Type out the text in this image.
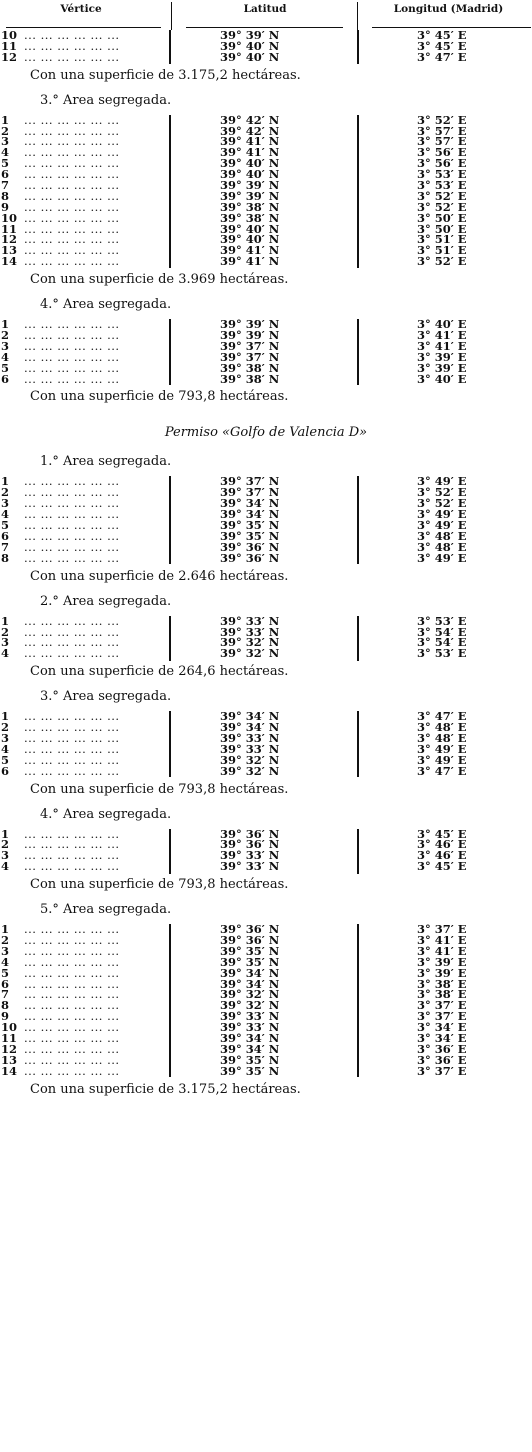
Vértice	Latitud	Longitud (Madrid)
10 ... ... ... ... ... ...	39° 39′ N	3° 45′ E
11 ... ... ... ... ... ...	39° 40′ N	3° 45′ E
12 ... ... ... ... ... ...	39° 40′ N	3° 47′ E
Con una superficie de 3.175,2 hectáreas.
3.° Area segregada.
1	... ... ... ... ... ...	39° 42′ N	3° 52′ E
2	... ... ... ... ... ...	39° 42′ N	3° 57′ E
3	... ... ... ... ... ...	39° 41′ N	3° 57′ E
4	... ... ... ... ... ...	39° 41′ N	3° 56′ E
5	... ... ... ... ... ...	39° 40′ N	3° 56′ E
6	... ... ... ... ... ...	39° 40′ N	3° 53′ E
7	... ... ... ... ... ...	39° 39′ N	3° 53′ E
8	... ... ... ... ... ...	39° 39′ N	3° 52′ E
9	... ... ... ... ... ...	39° 38′ N	3° 52′ E
10 ... ... ... ... ... ...	39° 38′ N	3° 50′ E
11 ... ... ... ... ... ...	39° 40′ N	3° 50′ E
12 ... ... ... ... ... ...	39° 40′ N	3° 51′ E
13 ... ... ... ... ... ...	39° 41′ N	3° 51′ E
14 ... ... ... ... ... ...	39° 41′ N	3° 52′ E
Con una superficie de 3.969 hectáreas.
4.° Area segregada.
1	... ... ... ... ... ...	39° 39′ N	3° 40′ E
2	... ... ... ... ... ...	39° 39′ N	3° 41′ E
3	... ... ... ... ... ...	39° 37′ N	3° 41′ E
4	... ... ... ... ... ...	39° 37′ N	3° 39′ E
5	... ... ... ... ... ...	39° 38′ N	3° 39′ E
6	... ... ... ... ... ...	39° 38′ N	3° 40′ E
Con una superficie de 793,8 hectáreas.
Permiso «Golfo de Valencia D»
1.° Area segregada.
1	... ... ... ... ... ...	39° 37′ N	3° 49′ E
2	... ... ... ... ... ...	39° 37′ N	3° 52′ E
3	... ... ... ... ... ...	39° 34′ N	3° 52′ E
4	... ... ... ... ... ...	39° 34′ N	3° 49′ E
5	... ... ... ... ... ...	39° 35′ N	3° 49′ E
6	... ... ... ... ... ...	39° 35′ N	3° 48′ E
7	... ... ... ... ... ...	39° 36′ N	3° 48′ E
8	... ... ... ... ... ...	39° 36′ N	3° 49′ E
Con una superficie de 2.646 hectáreas.
2.° Area segregada.
1	... ... ... ... ... ...	39° 33′ N	3° 53′ E
2	... ... ... ... ... ...	39° 33′ N	3° 54′ E
3	... ... ... ... ... ...	39° 32′ N	3° 54′ E
4	... ... ... ... ... ...	39° 32′ N	3° 53′ E
Con una superficie de 264,6 hectáreas.
3.° Area segregada.
1	... ... ... ... ... ...	39° 34′ N	3° 47′ E
2	... ... ... ... ... ...	39° 34′ N	3° 48′ E
3	... ... ... ... ... ...	39° 33′ N	3° 48′ E
4	... ... ... ... ... ...	39° 33′ N	3° 49′ E
5	... ... ... ... ... ...	39° 32′ N	3° 49′ E
6	... ... ... ... ... ...	39° 32′ N	3° 47′ E
Con una superficie de 793,8 hectáreas.
4.° Area segregada.
1	... ... ... ... ... ...	39° 36′ N	3° 45′ E
2	... ... ... ... ... ...	39° 36′ N	3° 46′ E
3	... ... ... ... ... ...	39° 33′ N	3° 46′ E
4	... ... ... ... ... ...	39° 33′ N	3° 45′ E
Con una superficie de 793,8 hectáreas.
5.° Area segregada.
1	... ... ... ... ... ...	39° 36′ N	3° 37′ E
2	... ... ... ... ... ...	39° 36′ N	3° 41′ E
3	... ... ... ... ... ...	39° 35′ N	3° 41′ E
4	... ... ... ... ... ...	39° 35′ N	3° 39′ E
5	... ... ... ... ... ...	39° 34′ N	3° 39′ E
6	... ... ... ... ... ...	39° 34′ N	3° 38′ E
7	... ... ... ... ... ...	39° 32′ N	3° 38′ E
8	... ... ... ... ... ...	39° 32′ N	3° 37′ E
9	... ... ... ... ... ...	39° 33′ N	3° 37′ E
10 ... ... ... ... ... ...	39° 33′ N	3° 34′ E
11 ... ... ... ... ... ...	39° 34′ N	3° 34′ E
12 ... ... ... ... ... ...	39° 34′ N	3° 36′ E
13 ... ... ... ... ... ...	39° 35′ N	3° 36′ E
14 ... ... ... ... ... ...	39° 35′ N	3° 37′ E
Con una superficie de 3.175,2 hectáreas.
